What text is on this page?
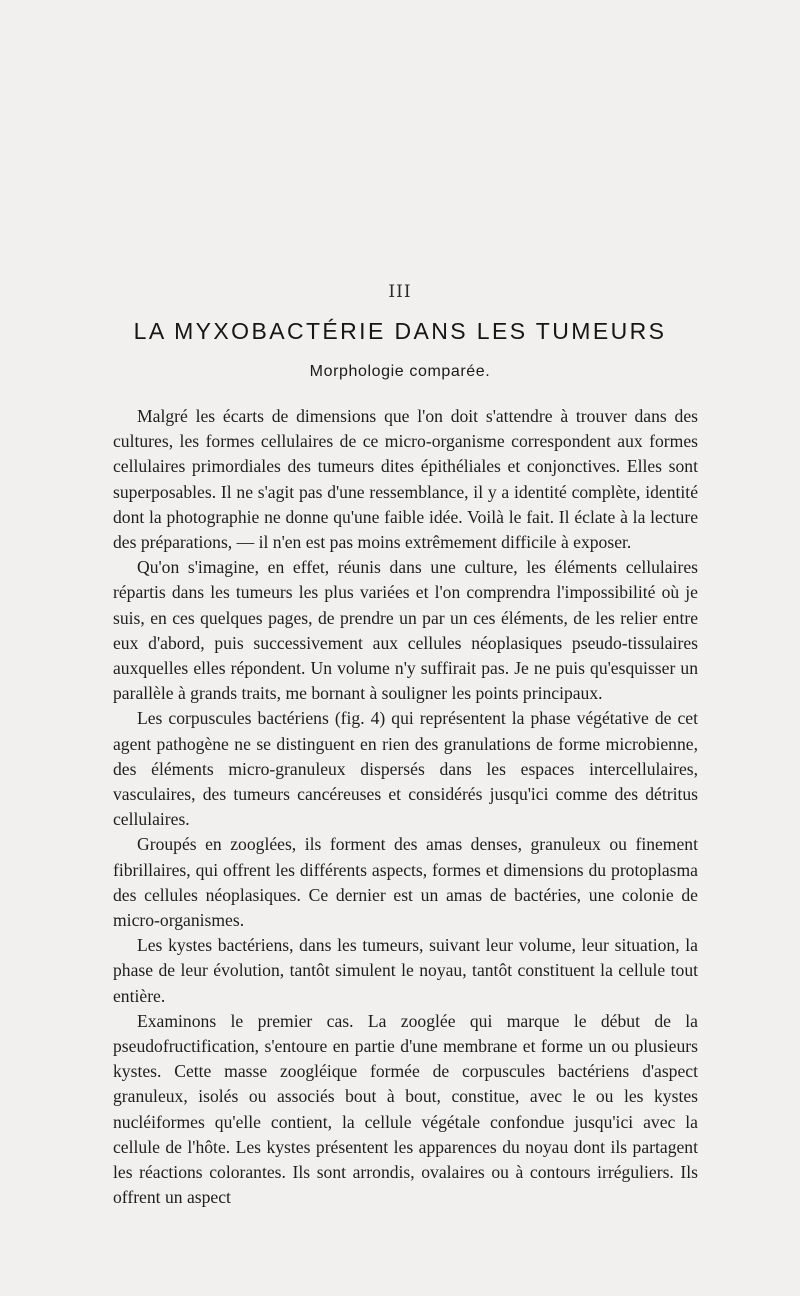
III
LA MYXOBACTÉRIE DANS LES TUMEURS
Morphologie comparée.

Malgré les écarts de dimensions que l'on doit s'attendre à trouver dans des cultures, les formes cellulaires de ce micro-organisme correspondent aux formes cellulaires primordiales des tumeurs dites épithéliales et conjonctives. Elles sont superposables. Il ne s'agit pas d'une ressemblance, il y a identité complète, identité dont la photographie ne donne qu'une faible idée. Voilà le fait. Il éclate à la lecture des préparations, — il n'en est pas moins extrêmement difficile à exposer.

Qu'on s'imagine, en effet, réunis dans une culture, les éléments cellulaires répartis dans les tumeurs les plus variées et l'on comprendra l'impossibilité où je suis, en ces quelques pages, de prendre un par un ces éléments, de les relier entre eux d'abord, puis successivement aux cellules néoplasiques pseudo-tissulaires auxquelles elles répondent. Un volume n'y suffirait pas. Je ne puis qu'esquisser un parallèle à grands traits, me bornant à souligner les points principaux.

Les corpuscules bactériens (fig. 4) qui représentent la phase végétative de cet agent pathogène ne se distinguent en rien des granulations de forme microbienne, des éléments micro-granuleux dispersés dans les espaces intercellulaires, vasculaires, des tumeurs cancéreuses et considérés jusqu'ici comme des détritus cellulaires.

Groupés en zooglées, ils forment des amas denses, granuleux ou finement fibrillaires, qui offrent les différents aspects, formes et dimensions du protoplasma des cellules néoplasiques. Ce dernier est un amas de bactéries, une colonie de micro-organismes.

Les kystes bactériens, dans les tumeurs, suivant leur volume, leur situation, la phase de leur évolution, tantôt simulent le noyau, tantôt constituent la cellule tout entière.

Examinons le premier cas. La zooglée qui marque le début de la pseudofructification, s'entoure en partie d'une membrane et forme un ou plusieurs kystes. Cette masse zoogléique formée de corpuscules bactériens d'aspect granuleux, isolés ou associés bout à bout, constitue, avec le ou les kystes nucléiformes qu'elle contient, la cellule végétale confondue jusqu'ici avec la cellule de l'hôte. Les kystes présentent les apparences du noyau dont ils partagent les réactions colorantes. Ils sont arrondis, ovalaires ou à contours irréguliers. Ils offrent un aspect
